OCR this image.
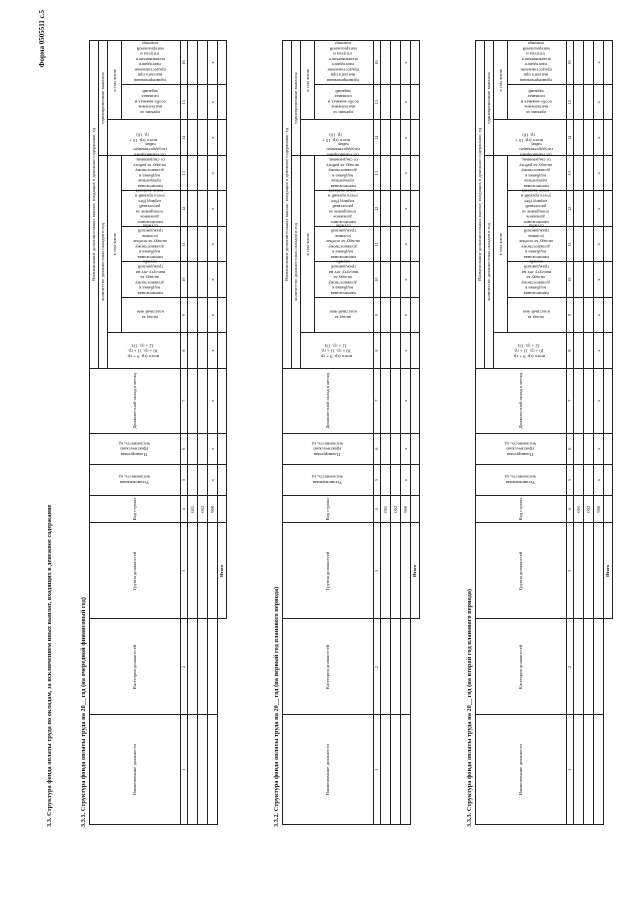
Форма 0505511 с.5
3.3. Структура фонда оплаты труда по окладам, за исключением иных выплат, входящих в денежное содержание	3.3.1. Структура фонда оплаты труда на 20__ год (на очередной финансовый год)	Наименование должности	Категория должностей	Группа должностей	Код строки	Установленная численность, ед	Планируемая (фактическая) численность, ед	Должностной оклад в месяц	Наименование дополнительных выплат, входящих в денежное содержание, ед								
							количество должностных окладов в год						единовременные выплаты		
							всего (гр. 9 + гр. 10 + гр. 11 + гр. 12 + гр. 13)	в том числе					всего (гр. 15 + гр. 16)	в том числе	
								оклад за классный чин	ежемесячная надбавка к должностному окладу за выслугу лет на гражданской службе	ежемесячная надбавка к должностному окладу за особые условия гражданской службы	ежемесячное денежное поощрение за расчетный период (без учета премий и иных выплат)	ежемесячная процентная надбавка к должностному окладу за работу со сведениями, составляющими государственную тайну		премии за выполнение особо важных и сложных заданий	единовременная выплата при предоставлении ежегодного оплачиваемого отпуска и материальной помощи
1	2	3	4	5	6	7	8	9	10	11	12	13	14	15	16
			001												
			002												
			900	x	x	x	x	x	x	x	x	x	x	x	x
		Итого													
3.3.2. Структура фонда оплаты труда на 20__ год (на первый год планового периода)	Наименование должности	Категория должностей	Группа должностей	Код строки	Установленная численность, ед	Планируемая (фактическая) численность, ед	Должностной оклад в месяц	Наименование дополнительных выплат, входящих в денежное содержание, ед								
							количество должностных окладов в год						единовременные выплаты		
							всего (гр. 9 + гр. 10 + гр. 11 + гр. 12 + гр. 13)	в том числе					всего (гр. 15 + гр. 16)	в том числе	
								оклад за классный чин	ежемесячная надбавка к должностному окладу за выслугу лет на гражданской службе	ежемесячная надбавка к должностному окладу за особые условия гражданской службы	ежемесячное денежное поощрение за расчетный период (без учета премий и иных выплат)	ежемесячная процентная надбавка к должностному окладу за работу со сведениями, составляющими государственную тайну		премии за выполнение особо важных и сложных заданий	единовременная выплата при предоставлении ежегодного оплачиваемого отпуска и материальной помощи
1	2	3	4	5	6	7	8	9	10	11	12	13	14	15	16
			001												
			002												
			900	x	x	x	x	x	x	x	x	x	x	x	x
		Итого													
3.3.3. Структура фонда оплаты труда на 20__ год (на второй год планового периода)	Наименование должности	Категория должностей	Группа должностей	Код строки	Установленная численность, ед	Планируемая (фактическая) численность, ед	Должностной оклад в месяц	Наименование дополнительных выплат, входящих в денежное содержание, ед								
							количество должностных окладов в год						единовременные выплаты		
							всего (гр. 9 + гр. 10 + гр. 11 + гр. 12 + гр. 13)	в том числе					всего (гр. 15 + гр. 16)	в том числе	
								оклад за классный чин	ежемесячная надбавка к должностному окладу за выслугу лет на гражданской службе	ежемесячная надбавка к должностному окладу за особые условия гражданской службы	ежемесячное денежное поощрение за расчетный период (без учета премий и иных выплат)	ежемесячная процентная надбавка к должностному окладу за работу со сведениями, составляющими государственную тайну		премии за выполнение особо важных и сложных заданий	единовременная выплата при предоставлении ежегодного оплачиваемого отпуска и материальной помощи
1	2	3	4	5	6	7	8	9	10	11	12	13	14	15	16
			001												
			002												
			900	x	x	x	x	x	x	x	x	x	x	x	x
		Итого													
